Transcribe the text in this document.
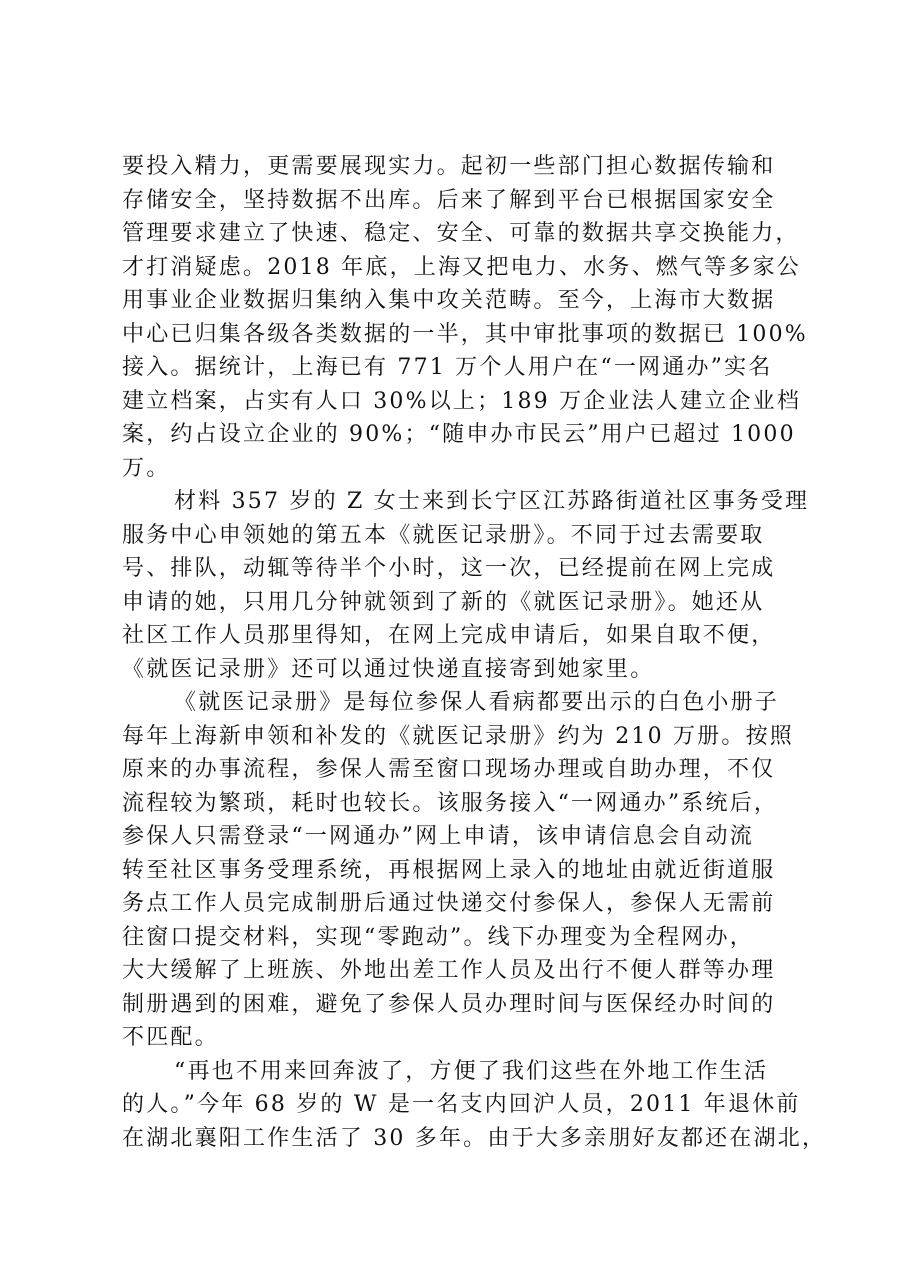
要投入精力，更需要展现实力。起初一些部门担心数据传输和
存储安全，坚持数据不出库。后来了解到平台已根据国家安全
管理要求建立了快速、稳定、安全、可靠的数据共享交换能力，
才打消疑虑。2018 年底，上海又把电力、水务、燃气等多家公
用事业企业数据归集纳入集中攻关范畴。至今，上海市大数据
中心已归集各级各类数据的一半，其中审批事项的数据已 100%
接入。据统计，上海已有 771 万个人用户在“一网通办”实名
建立档案，占实有人口 30%以上；189 万企业法人建立企业档
案，约占设立企业的 90%；“随申办市民云”用户已超过 1000
万。
材料 357 岁的 Z 女士来到长宁区江苏路街道社区事务受理
服务中心申领她的第五本《就医记录册》。不同于过去需要取
号、排队，动辄等待半个小时，这一次，已经提前在网上完成
申请的她，只用几分钟就领到了新的《就医记录册》。她还从
社区工作人员那里得知，在网上完成申请后，如果自取不便，
《就医记录册》还可以通过快递直接寄到她家里。
《就医记录册》是每位参保人看病都要出示的白色小册子
每年上海新申领和补发的《就医记录册》约为 210 万册。按照
原来的办事流程，参保人需至窗口现场办理或自助办理，不仅
流程较为繁琐，耗时也较长。该服务接入“一网通办”系统后，
参保人只需登录“一网通办”网上申请，该申请信息会自动流
转至社区事务受理系统，再根据网上录入的地址由就近街道服
务点工作人员完成制册后通过快递交付参保人，参保人无需前
往窗口提交材料，实现“零跑动”。线下办理变为全程网办，
大大缓解了上班族、外地出差工作人员及出行不便人群等办理
制册遇到的困难，避免了参保人员办理时间与医保经办时间的
不匹配。
“再也不用来回奔波了，方便了我们这些在外地工作生活
的人。”今年 68 岁的 W 是一名支内回沪人员，2011 年退休前
在湖北襄阳工作生活了 30 多年。由于大多亲朋好友都还在湖北，
